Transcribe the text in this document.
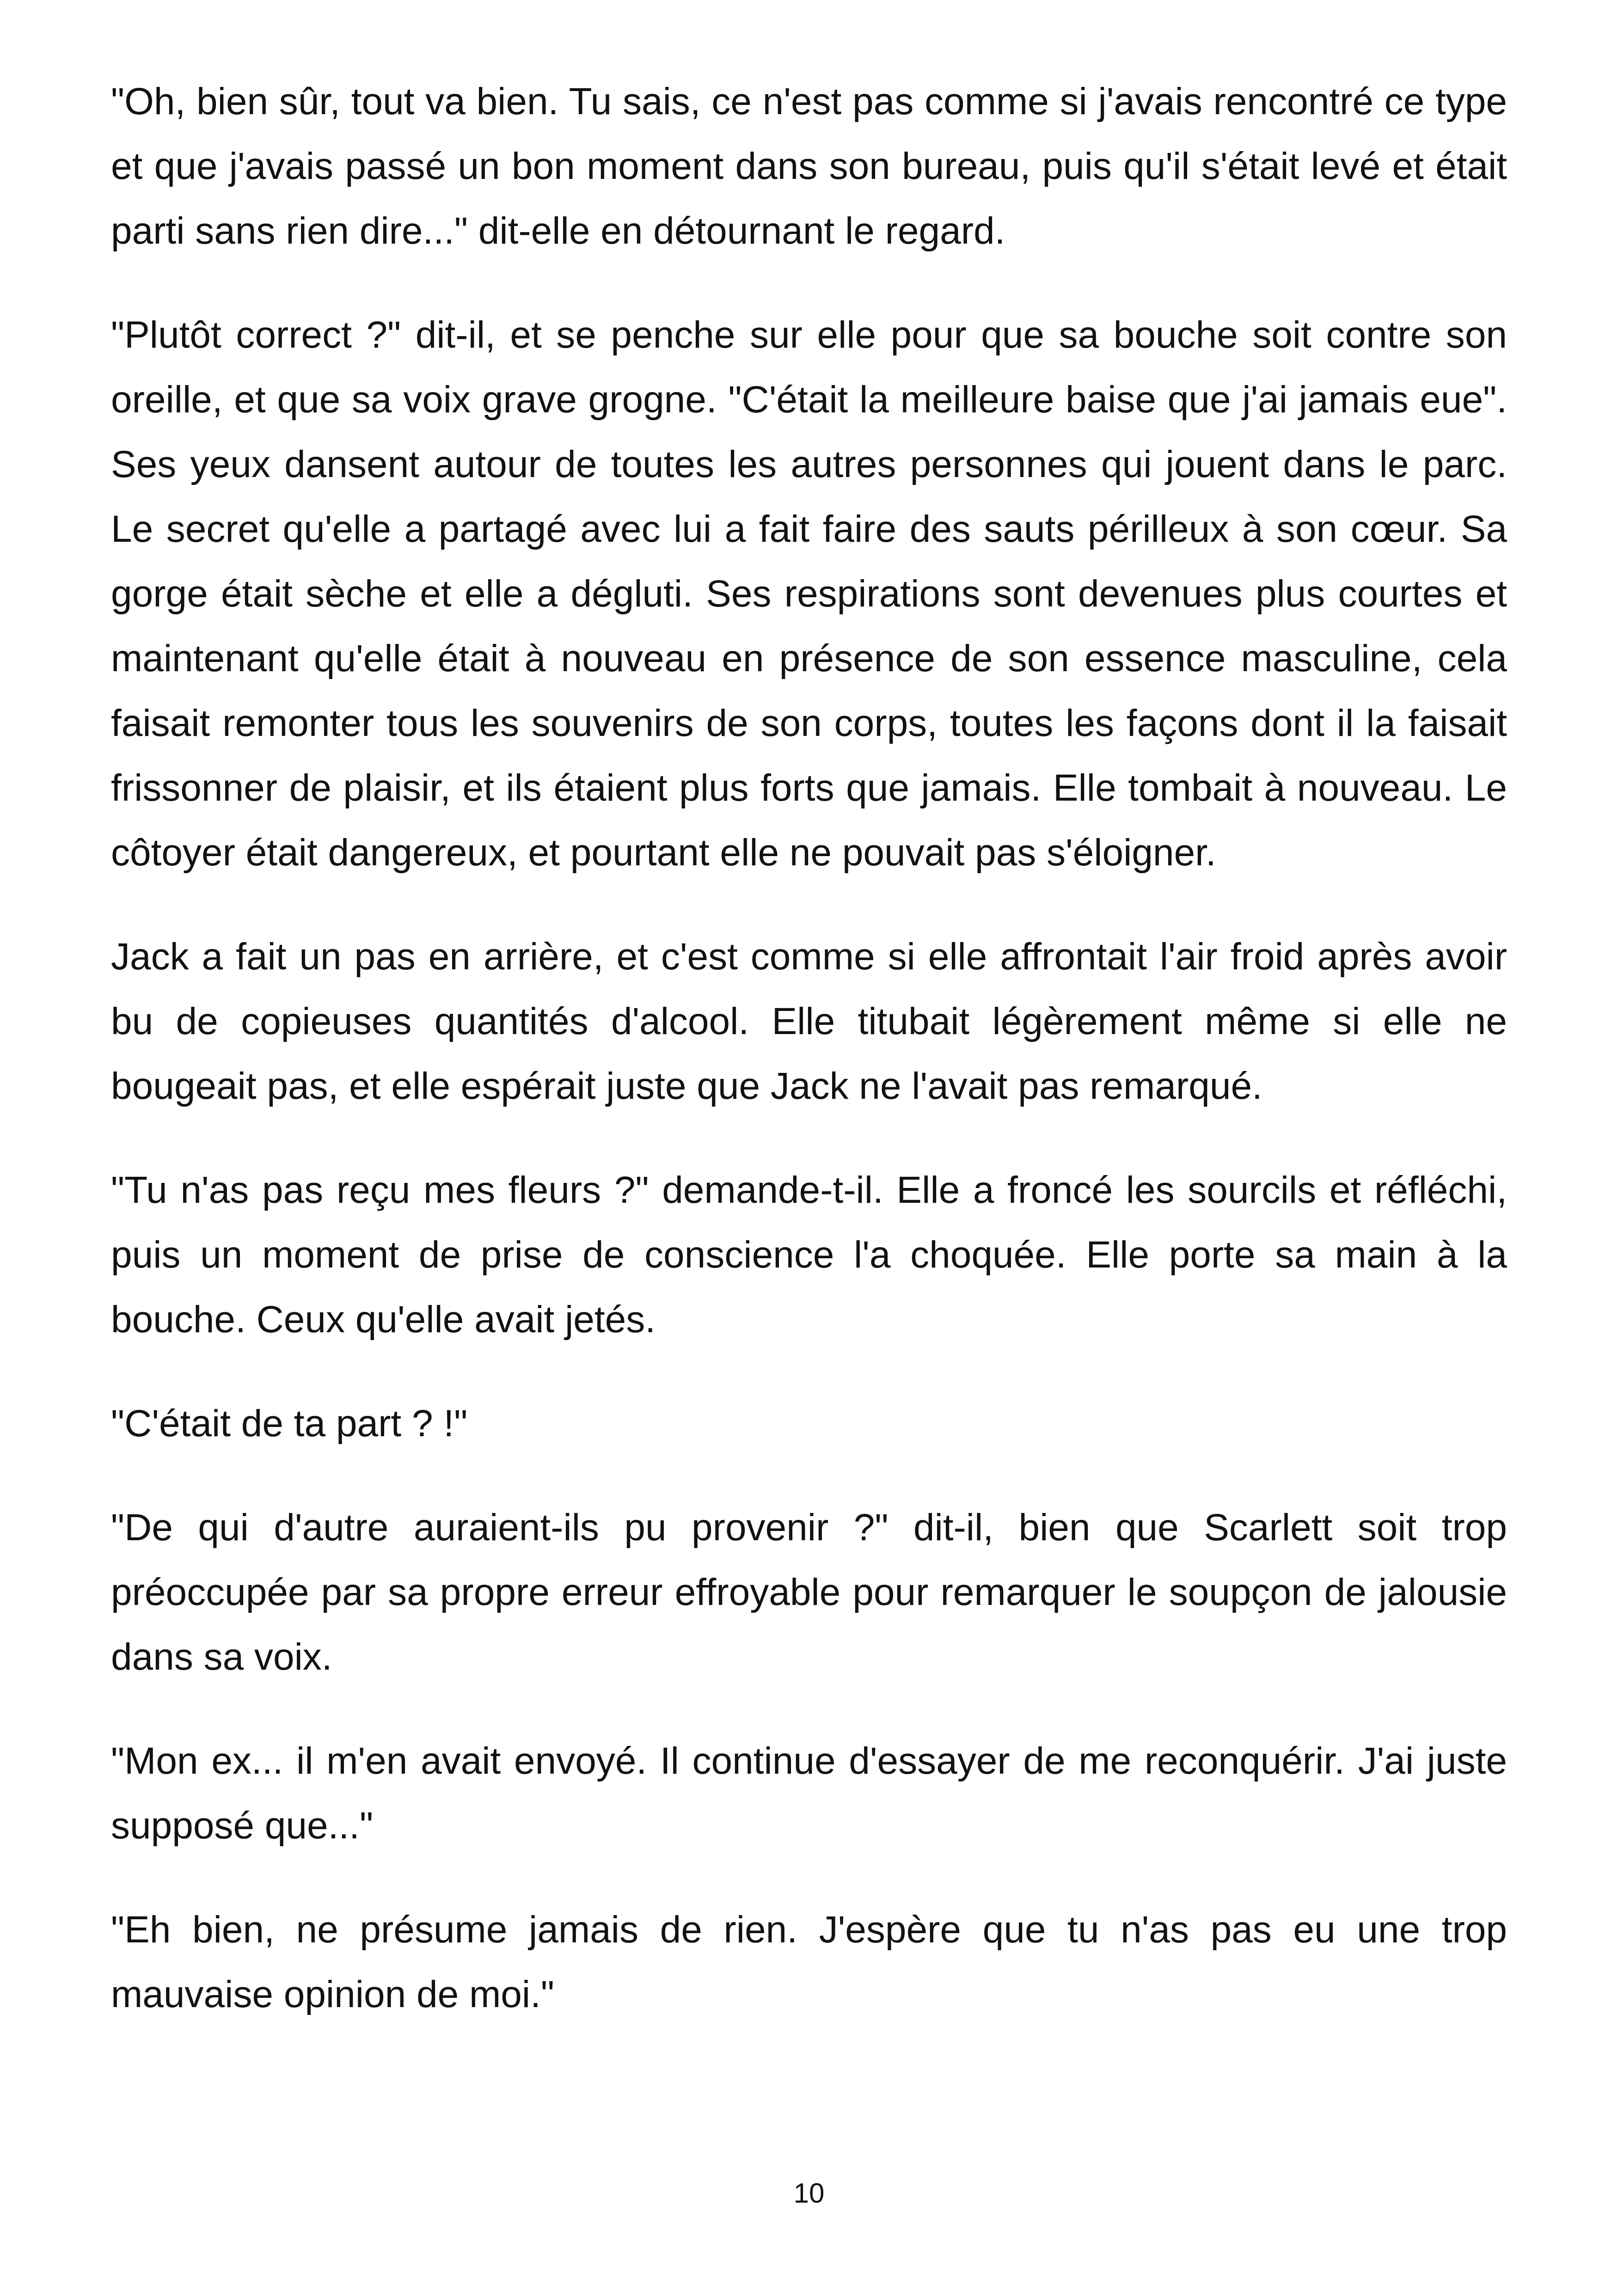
"Oh, bien sûr, tout va bien. Tu sais, ce n'est pas comme si j'avais rencontré ce type et que j'avais passé un bon moment dans son bureau, puis qu'il s'était levé et était parti sans rien dire..." dit-elle en détournant le regard.

"Plutôt correct ?" dit-il, et se penche sur elle pour que sa bouche soit contre son oreille, et que sa voix grave grogne. "C'était la meilleure baise que j'ai jamais eue". Ses yeux dansent autour de toutes les autres personnes qui jouent dans le parc. Le secret qu'elle a partagé avec lui a fait faire des sauts périlleux à son cœur. Sa gorge était sèche et elle a dégluti. Ses respirations sont devenues plus courtes et maintenant qu'elle était à nouveau en présence de son essence masculine, cela faisait remonter tous les souvenirs de son corps, toutes les façons dont il la faisait frissonner de plaisir, et ils étaient plus forts que jamais. Elle tombait à nouveau. Le côtoyer était dangereux, et pourtant elle ne pouvait pas s'éloigner.

Jack a fait un pas en arrière, et c'est comme si elle affrontait l'air froid après avoir bu de copieuses quantités d'alcool. Elle titubait légèrement même si elle ne bougeait pas, et elle espérait juste que Jack ne l'avait pas remarqué.

"Tu n'as pas reçu mes fleurs ?" demande-t-il. Elle a froncé les sourcils et réfléchi, puis un moment de prise de conscience l'a choquée. Elle porte sa main à la bouche. Ceux qu'elle avait jetés.

"C'était de ta part ? !"

"De qui d'autre auraient-ils pu provenir ?" dit-il, bien que Scarlett soit trop préoccupée par sa propre erreur effroyable pour remarquer le soupçon de jalousie dans sa voix.

"Mon ex... il m'en avait envoyé. Il continue d'essayer de me reconquérir. J'ai juste supposé que..."

"Eh bien, ne présume jamais de rien. J'espère que tu n'as pas eu une trop mauvaise opinion de moi."

10
